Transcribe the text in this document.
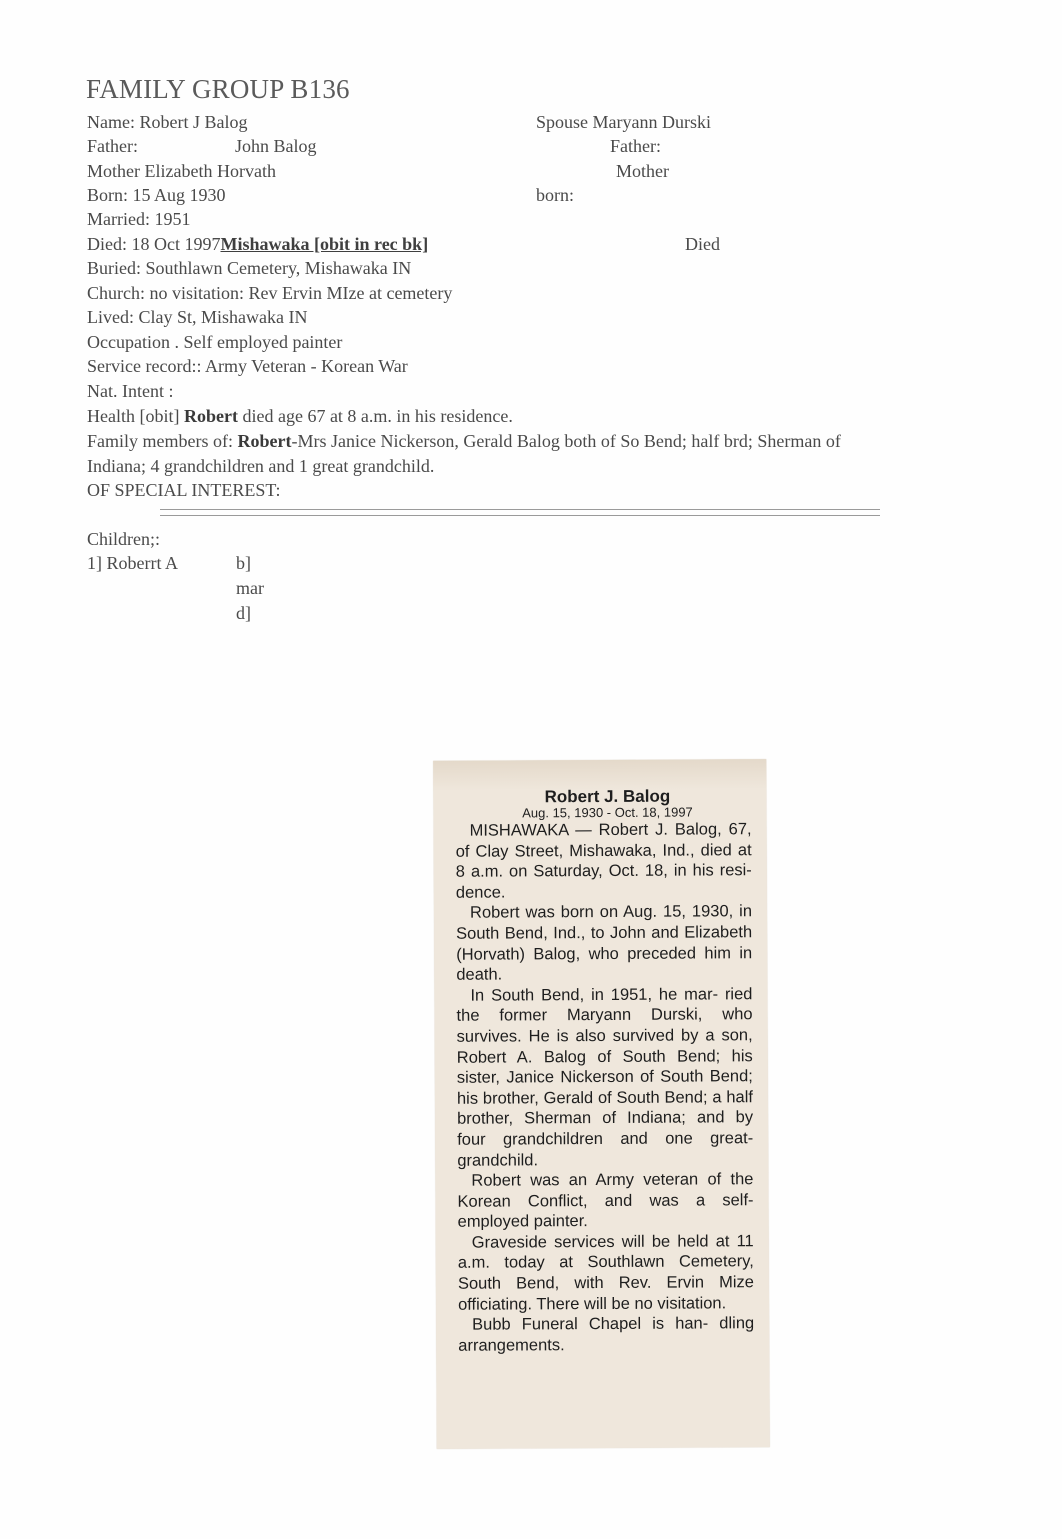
FAMILY GROUP B136
Name: Robert J Balog
Father:	John Balog
Mother Elizabeth Horvath
Born: 15 Aug 1930
Married: 1951
Died: 18 Oct 1997Mishawaka [obit in rec bk]
Buried: Southlawn Cemetery, Mishawaka IN
Church: no visitation: Rev Ervin MIze at cemetery
Lived: Clay St, Mishawaka IN
Occupation . Self employed painter
Service record:: Army Veteran - Korean War
Nat. Intent :
Health [obit] Robert died age 67 at 8 a.m. in his residence.
Family members of: Robert-Mrs Janice Nickerson, Gerald Balog both of So Bend; half brd; Sherman of
Indiana; 4 grandchildren and 1 great grandchild.
OF SPECIAL INTEREST:
Spouse Maryann Durski
Father:
Mother
born:
Died
Children;:
1] Roberrt A	b]
mar
d]
Robert J. Balog
Aug. 15, 1930 - Oct. 18, 1997

MISHAWAKA — Robert J. Balog, 67, of Clay Street, Mishawaka, Ind., died at 8 a.m. on Saturday, Oct. 18, in his resi- dence.

Robert was born on Aug. 15, 1930, in South Bend, Ind., to John and Elizabeth (Horvath) Balog, who preceded him in death.

In South Bend, in 1951, he mar- ried the former Maryann Durski, who survives. He is also survived by a son, Robert A. Balog of South Bend; his sister, Janice Nickerson of South Bend; his brother, Gerald of South Bend; a half brother, Sherman of Indiana; and by four grandchildren and one great-grandchild.

Robert was an Army veteran of the Korean Conflict, and was a self-employed painter.

Graveside services will be held at 11 a.m. today at Southlawn Cemetery, South Bend, with Rev. Ervin Mize officiating. There will be no visitation.

Bubb Funeral Chapel is han- dling arrangements.
